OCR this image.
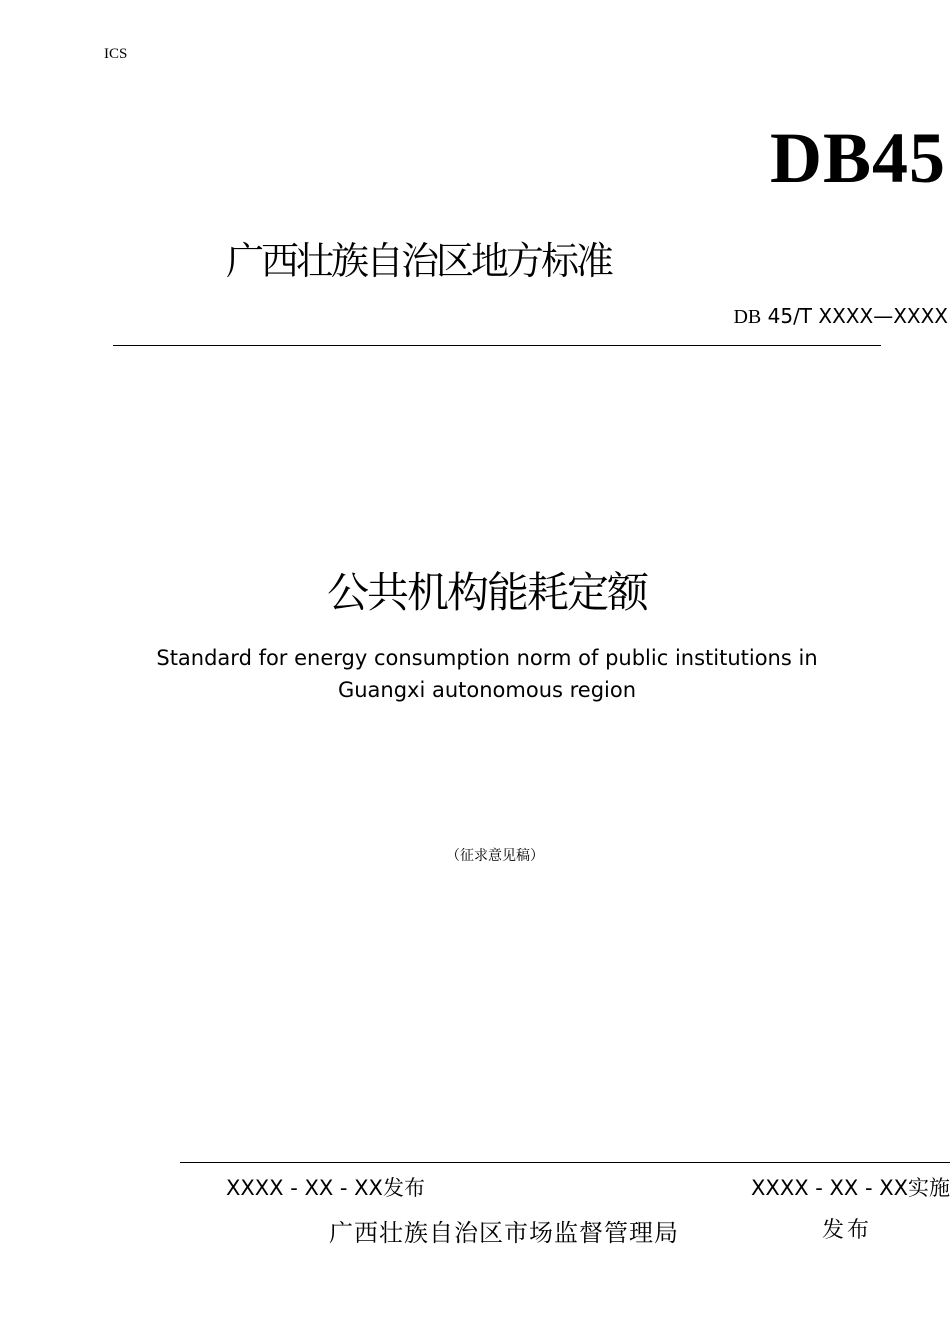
ICS
DB45
广西壮族自治区地方标准
DB 45/T XXXX—XXXX
公共机构能耗定额
Standard for energy consumption norm of public institutions in
Guangxi autonomous region
（征求意见稿）
XXXX - XX - XX发布	XXXX - XX - XX实施
广西壮族自治区市场监督管理局	发布
